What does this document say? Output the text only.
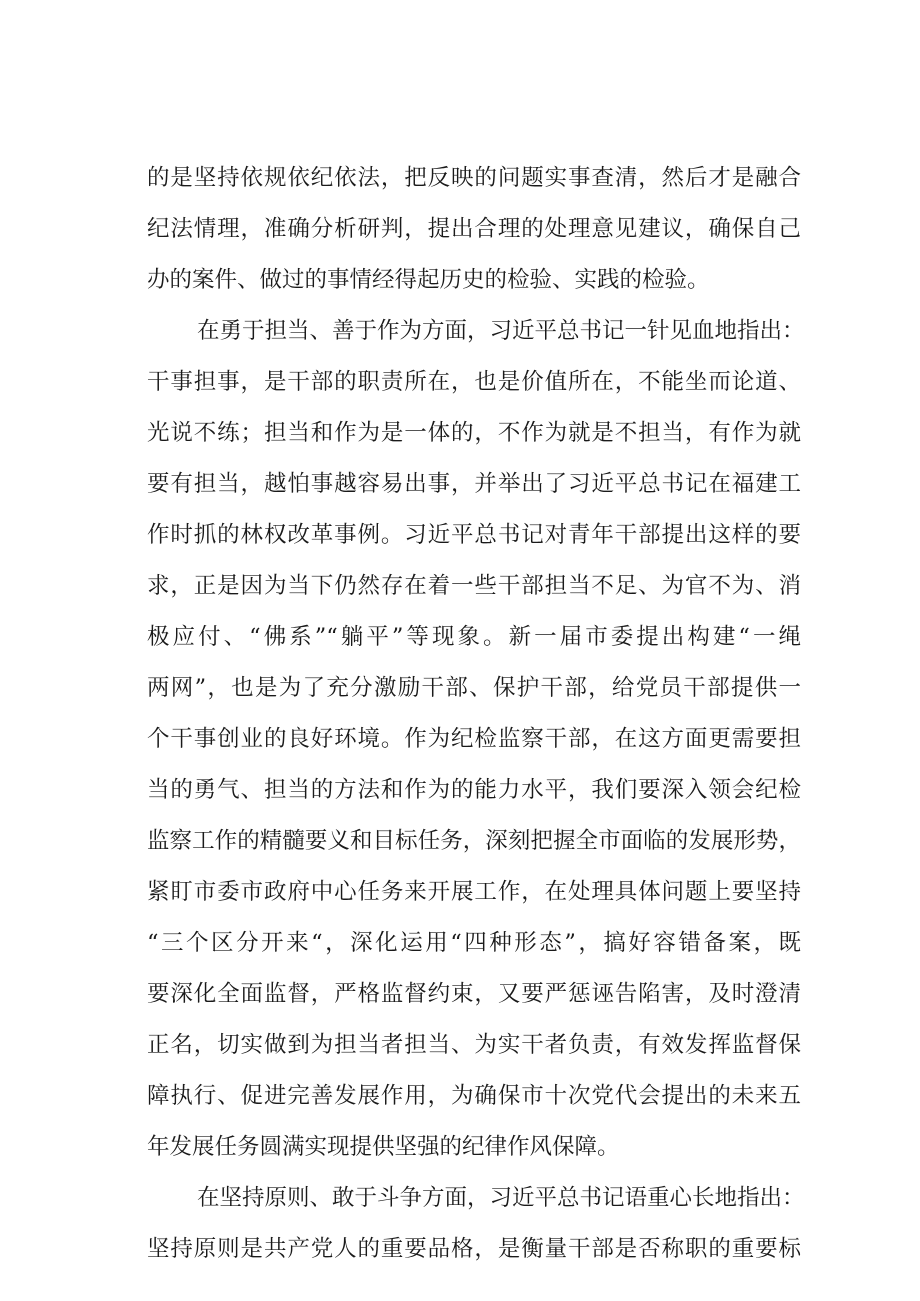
的是坚持依规依纪依法，把反映的问题实事查清，然后才是融合
纪法情理，准确分析研判，提出合理的处理意见建议，确保自己
办的案件、做过的事情经得起历史的检验、实践的检验。
在勇于担当、善于作为方面，习近平总书记一针见血地指出：
干事担事，是干部的职责所在，也是价值所在，不能坐而论道、
光说不练；担当和作为是一体的，不作为就是不担当，有作为就
要有担当，越怕事越容易出事，并举出了习近平总书记在福建工
作时抓的林权改革事例。习近平总书记对青年干部提出这样的要
求，正是因为当下仍然存在着一些干部担当不足、为官不为、消
极应付、“佛系”“躺平”等现象。新一届市委提出构建“一绳
两网”，也是为了充分激励干部、保护干部，给党员干部提供一
个干事创业的良好环境。作为纪检监察干部，在这方面更需要担
当的勇气、担当的方法和作为的能力水平，我们要深入领会纪检
监察工作的精髓要义和目标任务，深刻把握全市面临的发展形势，
紧盯市委市政府中心任务来开展工作，在处理具体问题上要坚持
“三个区分开来“，深化运用“四种形态”，搞好容错备案，既
要深化全面监督，严格监督约束，又要严惩诬告陷害，及时澄清
正名，切实做到为担当者担当、为实干者负责，有效发挥监督保
障执行、促进完善发展作用，为确保市十次党代会提出的未来五
年发展任务圆满实现提供坚强的纪律作风保障。
在坚持原则、敢于斗争方面，习近平总书记语重心长地指出：
坚持原则是共产党人的重要品格，是衡量干部是否称职的重要标
